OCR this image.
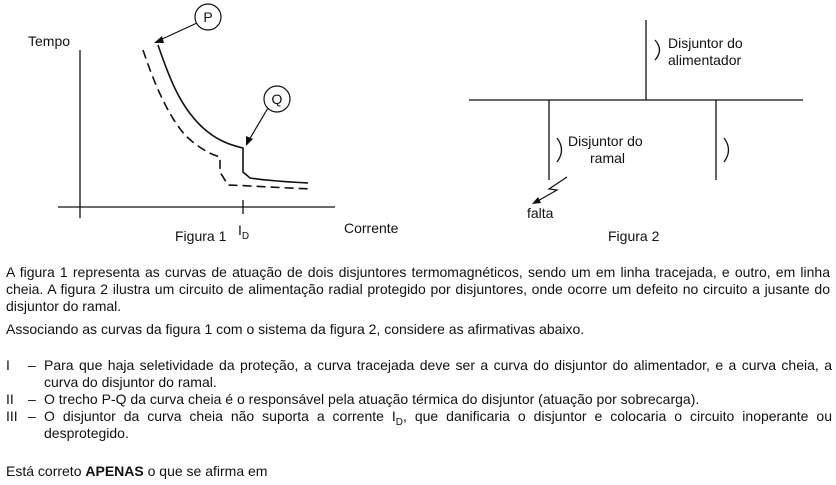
Tempo
Corrente
P
Q
$I_D$
Figura 1
Disjuntor do
alimentador
Disjuntor do
ramal
falta
Figura 2
A figura 1 representa as curvas de atuação de dois disjuntores termomagnéticos, sendo um em linha tracejada, e outro, em linha cheia. A figura 2 ilustra um circuito de alimentação radial protegido por disjuntores, onde ocorre um defeito no circuito a jusante do disjuntor do ramal.
Associando as curvas da figura 1 com o sistema da figura 2, considere as afirmativas abaixo.
I	– Para que haja seletividade da proteção, a curva tracejada deve ser a curva do disjuntor do alimentador, e a curva cheia, a curva do disjuntor do ramal.
II	– O trecho P-Q da curva cheia é o responsável pela atuação térmica do disjuntor (atuação por sobrecarga).
III – O disjuntor da curva cheia não suporta a corrente $I_D$, que danificaria o disjuntor e colocaria o circuito inoperante ou desprotegido.
Está correto APENAS o que se afirma em
